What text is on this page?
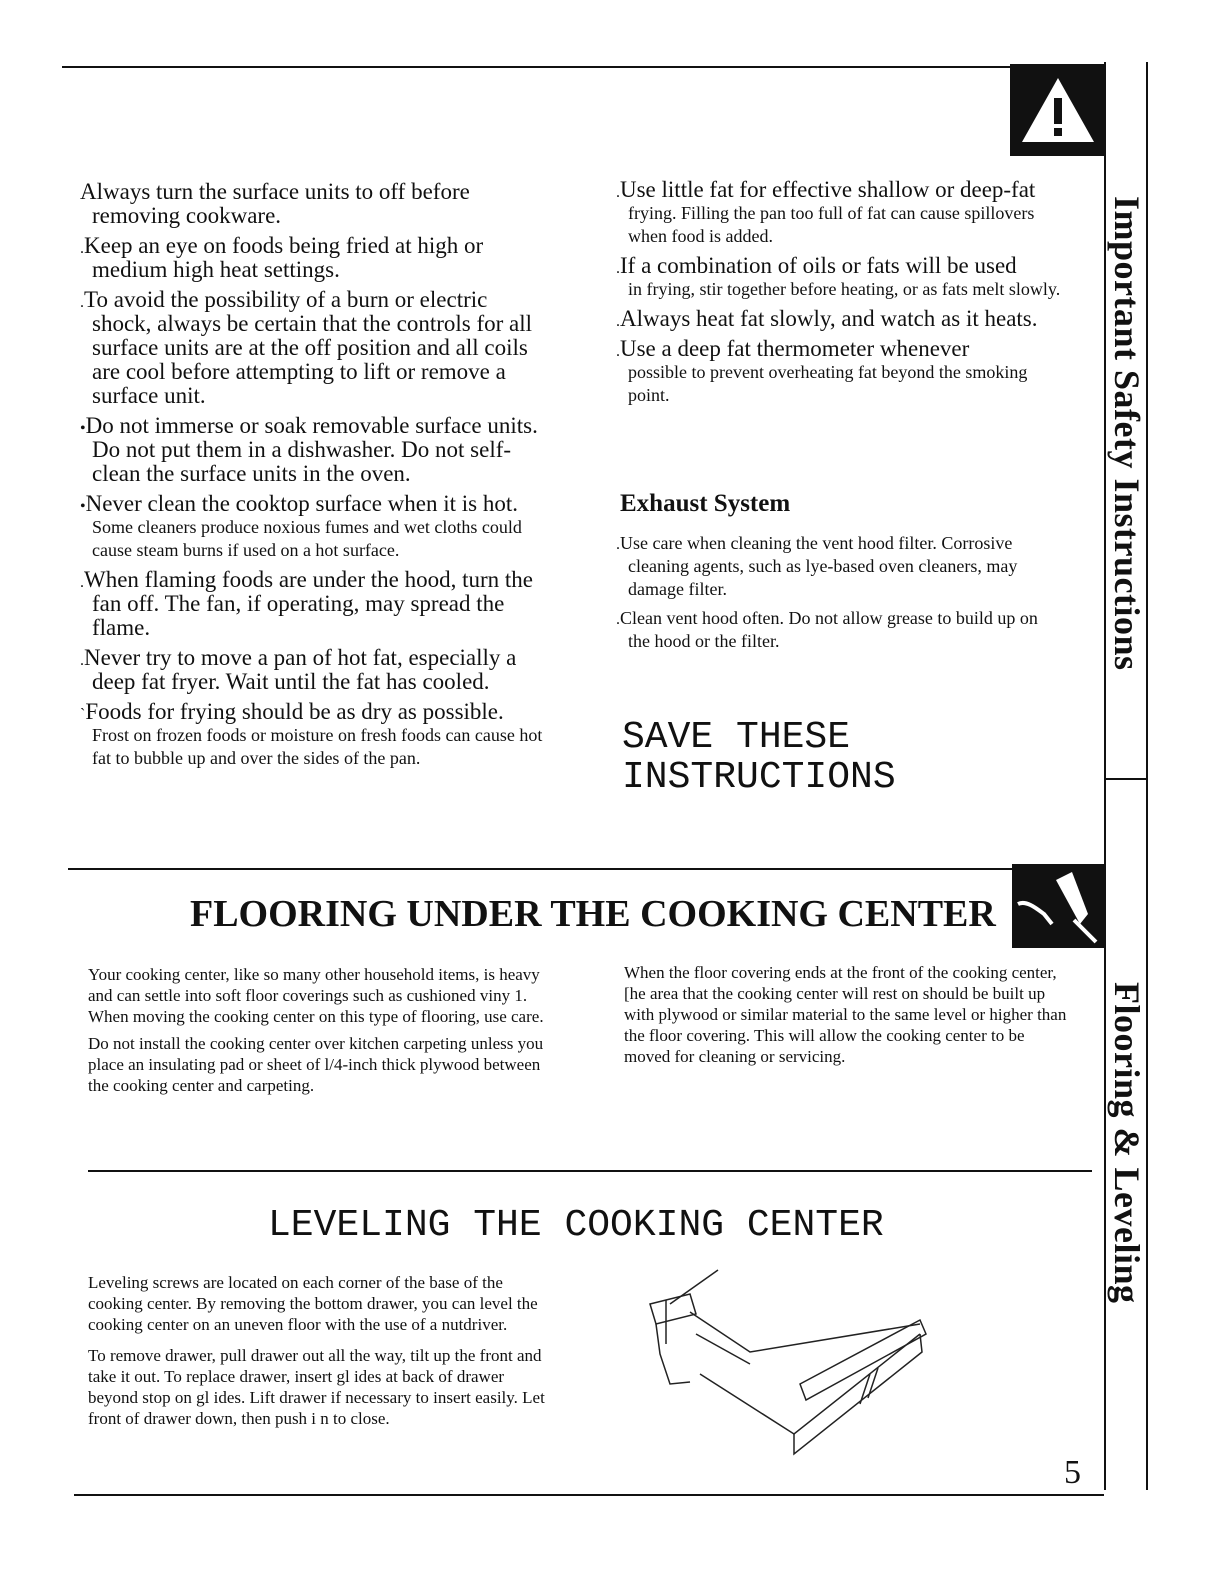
Important Safety Instructions
Flooring & Leveling
Always turn the surface units to off before removing cookware.
.Keep an eye on foods being fried at high or medium high heat settings.
.To avoid the possibility of a burn or electric shock, always be certain that the controls for all surface units are at the off position and all coils are cool before attempting to lift or remove a surface unit.
•Do not immerse or soak removable surface units. Do not put them in a dishwasher. Do not self-clean the surface units in the oven.
•Never clean the cooktop surface when it is hot.
Some cleaners produce noxious fumes and wet cloths could cause steam burns if used on a hot surface.
.When flaming foods are under the hood, turn the fan off. The fan, if operating, may spread the flame.
.Never try to move a pan of hot fat, especially a deep fat fryer. Wait until the fat has cooled.
`Foods for frying should be as dry as possible.
Frost on frozen foods or moisture on fresh foods can cause hot fat to bubble up and over the sides of the pan.
.Use little fat for effective shallow or deep-fat
frying. Filling the pan too full of fat can cause spillovers when food is added.
.If a combination of oils or fats will be used
in frying, stir together before heating, or as fats melt slowly.
.Always heat fat slowly, and watch as it heats.
.Use a deep fat thermometer whenever
possible to prevent overheating fat beyond the smoking point.
Exhaust System
.Use care when cleaning the vent hood filter. Corrosive cleaning agents, such as lye-based oven cleaners, may damage filter.
.Clean vent hood often. Do not allow grease to build up on the hood or the filter.
SAVE THESE
INSTRUCTIONS
FLOORING UNDER THE COOKING CENTER

Your cooking center, like so many other household items, is heavy and can settle into soft floor coverings such as cushioned viny 1. When moving the cooking center on this type of flooring, use care.

Do not install the cooking center over kitchen carpeting unless you place an insulating pad or sheet of l/4-inch thick plywood between the cooking center and carpeting.

When the floor covering ends at the front of the cooking center, [he area that the cooking center will rest on should be built up with plywood or similar material to the same level or higher than the floor covering. This will allow the cooking center to be moved for cleaning or servicing.

LEVELING THE COOKING CENTER

Leveling screws are located on each corner of the base of the cooking center. By removing the bottom drawer, you can level the cooking center on an uneven floor with the use of a nutdriver.

To remove drawer, pull drawer out all the way, tilt up the front and take it out. To replace drawer, insert gl ides at back of drawer beyond stop on gl ides. Lift drawer if necessary to insert easily. Let front of drawer down, then push i n to close.

5
